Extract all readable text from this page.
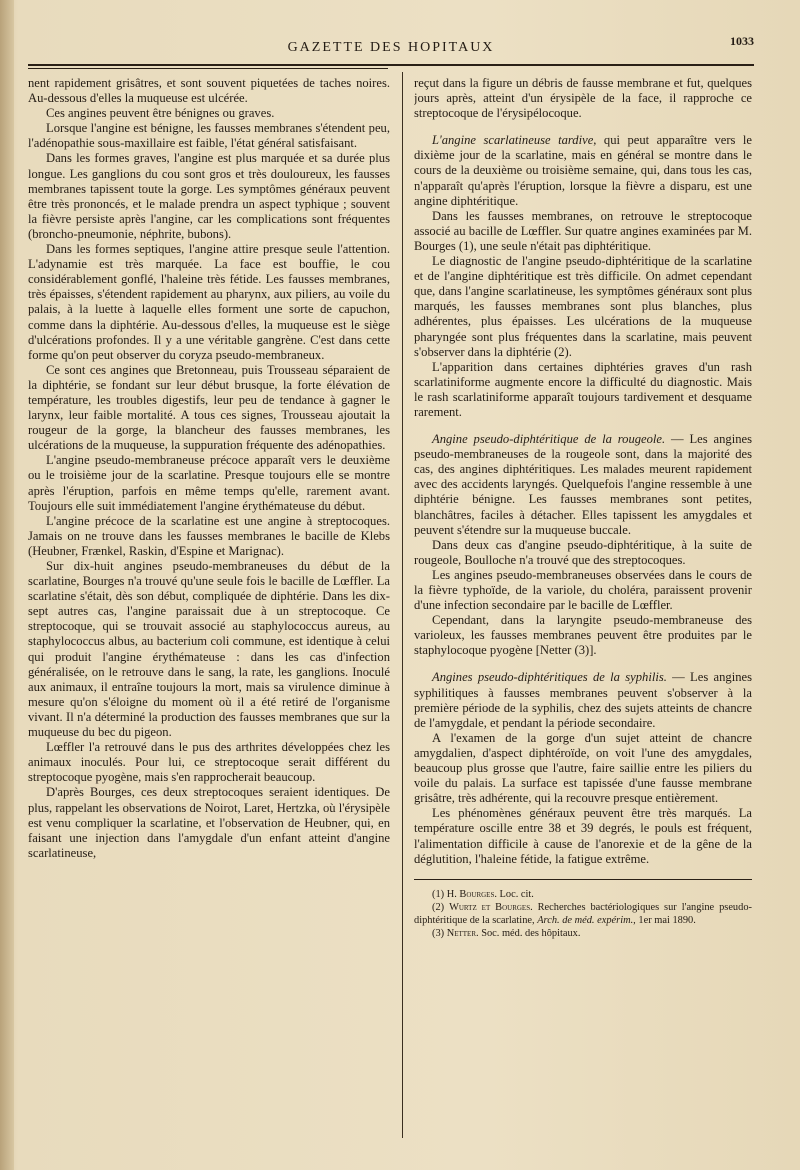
GAZETTE DES HOPITAUX	1033

nent rapidement grisâtres, et sont souvent piquetées de taches noires. Au-dessous d'elles la muqueuse est ulcérée.

Ces angines peuvent être bénignes ou graves.

Lorsque l'angine est bénigne, les fausses membranes s'étendent peu, l'adénopathie sous-maxillaire est faible, l'état général satisfaisant.

Dans les formes graves, l'angine est plus marquée et sa durée plus longue. Les ganglions du cou sont gros et très douloureux, les fausses membranes tapissent toute la gorge. Les symptômes généraux peuvent être très prononcés, et le malade prendra un aspect typhique ; souvent la fièvre persiste après l'angine, car les complications sont fréquentes (broncho-pneumonie, néphrite, bubons).

Dans les formes septiques, l'angine attire presque seule l'attention. L'adynamie est très marquée. La face est bouffie, le cou considérablement gonflé, l'haleine très fétide. Les fausses membranes, très épaisses, s'étendent rapidement au pharynx, aux piliers, au voile du palais, à la luette à laquelle elles forment une sorte de capuchon, comme dans la diphtérie. Au-dessous d'elles, la muqueuse est le siège d'ulcérations profondes. Il y a une véritable gangrène. C'est dans cette forme qu'on peut observer du coryza pseudo-membraneux.

Ce sont ces angines que Bretonneau, puis Trousseau séparaient de la diphtérie, se fondant sur leur début brusque, la forte élévation de température, les troubles digestifs, leur peu de tendance à gagner le larynx, leur faible mortalité. A tous ces signes, Trousseau ajoutait la rougeur de la gorge, la blancheur des fausses membranes, les ulcérations de la muqueuse, la suppuration fréquente des adénopathies.

L'angine pseudo-membraneuse précoce apparaît vers le deuxième ou le troisième jour de la scarlatine. Presque toujours elle se montre après l'éruption, parfois en même temps qu'elle, rarement avant. Toujours elle suit immédiatement l'angine érythémateuse du début.

L'angine précoce de la scarlatine est une angine à streptocoques. Jamais on ne trouve dans les fausses membranes le bacille de Klebs (Heubner, Frænkel, Raskin, d'Espine et Marignac).

Sur dix-huit angines pseudo-membraneuses du début de la scarlatine, Bourges n'a trouvé qu'une seule fois le bacille de Lœffler. La scarlatine s'était, dès son début, compliquée de diphtérie. Dans les dix-sept autres cas, l'angine paraissait due à un streptocoque. Ce streptocoque, qui se trouvait associé au staphylococcus aureus, au staphylococcus albus, au bacterium coli commune, est identique à celui qui produit l'angine érythémateuse : dans les cas d'infection généralisée, on le retrouve dans le sang, la rate, les ganglions. Inoculé aux animaux, il entraîne toujours la mort, mais sa virulence diminue à mesure qu'on s'éloigne du moment où il a été retiré de l'organisme vivant. Il n'a déterminé la production des fausses membranes que sur la muqueuse du bec du pigeon.

Lœffler l'a retrouvé dans le pus des arthrites développées chez les animaux inoculés. Pour lui, ce streptocoque serait différent du streptocoque pyogène, mais s'en rapprocherait beaucoup.

D'après Bourges, ces deux streptocoques seraient identiques. De plus, rappelant les observations de Noirot, Laret, Hertzka, où l'érysipèle est venu compliquer la scarlatine, et l'observation de Heubner, qui, en faisant une injection dans l'amygdale d'un enfant atteint d'angine scarlatineuse,

reçut dans la figure un débris de fausse membrane et fut, quelques jours après, atteint d'un érysipèle de la face, il rapproche ce streptocoque de l'érysipélocoque.

L'angine scarlatineuse tardive, qui peut apparaître vers le dixième jour de la scarlatine, mais en général se montre dans le cours de la deuxième ou troisième semaine, qui, dans tous les cas, n'apparaît qu'après l'éruption, lorsque la fièvre a disparu, est une angine diphtéritique.

Dans les fausses membranes, on retrouve le streptocoque associé au bacille de Lœffler. Sur quatre angines examinées par M. Bourges (1), une seule n'était pas diphtéritique.

Le diagnostic de l'angine pseudo-diphtéritique de la scarlatine et de l'angine diphtéritique est très difficile. On admet cependant que, dans l'angine scarlatineuse, les symptômes généraux sont plus marqués, les fausses membranes sont plus blanches, plus adhérentes, plus épaisses. Les ulcérations de la muqueuse pharyngée sont plus fréquentes dans la scarlatine, mais peuvent s'observer dans la diphtérie (2).

L'apparition dans certaines diphtéries graves d'un rash scarlatiniforme augmente encore la difficulté du diagnostic. Mais le rash scarlatiniforme apparaît toujours tardivement et desquame rarement.

Angine pseudo-diphtéritique de la rougeole. — Les angines pseudo-membraneuses de la rougeole sont, dans la majorité des cas, des angines diphtéritiques. Les malades meurent rapidement avec des accidents laryngés. Quelquefois l'angine ressemble à une diphtérie bénigne. Les fausses membranes sont petites, blanchâtres, faciles à détacher. Elles tapissent les amygdales et peuvent s'étendre sur la muqueuse buccale.

Dans deux cas d'angine pseudo-diphtéritique, à la suite de rougeole, Boulloche n'a trouvé que des streptocoques.

Les angines pseudo-membraneuses observées dans le cours de la fièvre typhoïde, de la variole, du choléra, paraissent provenir d'une infection secondaire par le bacille de Lœffler.

Cependant, dans la laryngite pseudo-membraneuse des varioleux, les fausses membranes peuvent être produites par le staphylocoque pyogène [Netter (3)].

Angines pseudo-diphtéritiques de la syphilis. — Les angines syphilitiques à fausses membranes peuvent s'observer à la première période de la syphilis, chez des sujets atteints de chancre de l'amygdale, et pendant la période secondaire.

A l'examen de la gorge d'un sujet atteint de chancre amygdalien, d'aspect diphtéroïde, on voit l'une des amygdales, beaucoup plus grosse que l'autre, faire saillie entre les piliers du voile du palais. La surface est tapissée d'une fausse membrane grisâtre, très adhérente, qui la recouvre presque entièrement.

Les phénomènes généraux peuvent être très marqués. La température oscille entre 38 et 39 degrés, le pouls est fréquent, l'alimentation difficile à cause de l'anorexie et de la gêne de la déglutition, l'haleine fétide, la fatigue extrême.

(1) H. Bourges. Loc. cit.

(2) Wurtz et Bourges. Recherches bactériologiques sur l'angine pseudo-diphtéritique de la scarlatine, Arch. de méd. expérim., 1er mai 1890.

(3) Netter. Soc. méd. des hôpitaux.
